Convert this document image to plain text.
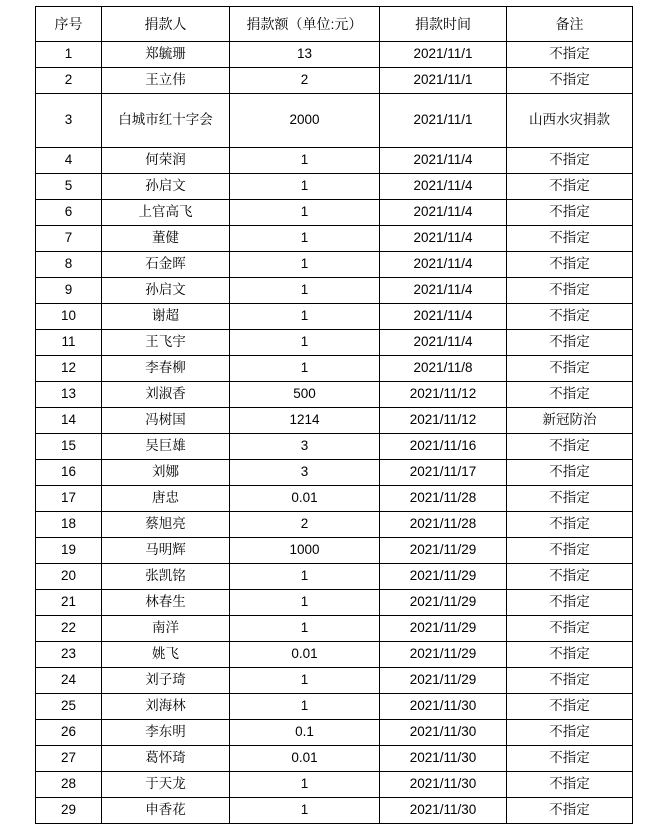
序号	捐款人	捐款额（单位:元）	捐款时间	备注
1	郑毓珊	13	2021/11/1	不指定
2	王立伟	2	2021/11/1	不指定
3	白城市红十字会	2000	2021/11/1	山西水灾捐款
4	何荣润	1	2021/11/4	不指定
5	孙启文	1	2021/11/4	不指定
6	上官高飞	1	2021/11/4	不指定
7	董健	1	2021/11/4	不指定
8	石金晖	1	2021/11/4	不指定
9	孙启文	1	2021/11/4	不指定
10	谢超	1	2021/11/4	不指定
11	王飞宇	1	2021/11/4	不指定
12	李春柳	1	2021/11/8	不指定
13	刘淑香	500	2021/11/12	不指定
14	冯树国	1214	2021/11/12	新冠防治
15	吴巨雄	3	2021/11/16	不指定
16	刘娜	3	2021/11/17	不指定
17	唐忠	0.01	2021/11/28	不指定
18	蔡旭亮	2	2021/11/28	不指定
19	马明辉	1000	2021/11/29	不指定
20	张凯铭	1	2021/11/29	不指定
21	林春生	1	2021/11/29	不指定
22	南洋	1	2021/11/29	不指定
23	姚飞	0.01	2021/11/29	不指定
24	刘子琦	1	2021/11/29	不指定
25	刘海林	1	2021/11/30	不指定
26	李东明	0.1	2021/11/30	不指定
27	葛怀琦	0.01	2021/11/30	不指定
28	于天龙	1	2021/11/30	不指定
29	申香花	1	2021/11/30	不指定
